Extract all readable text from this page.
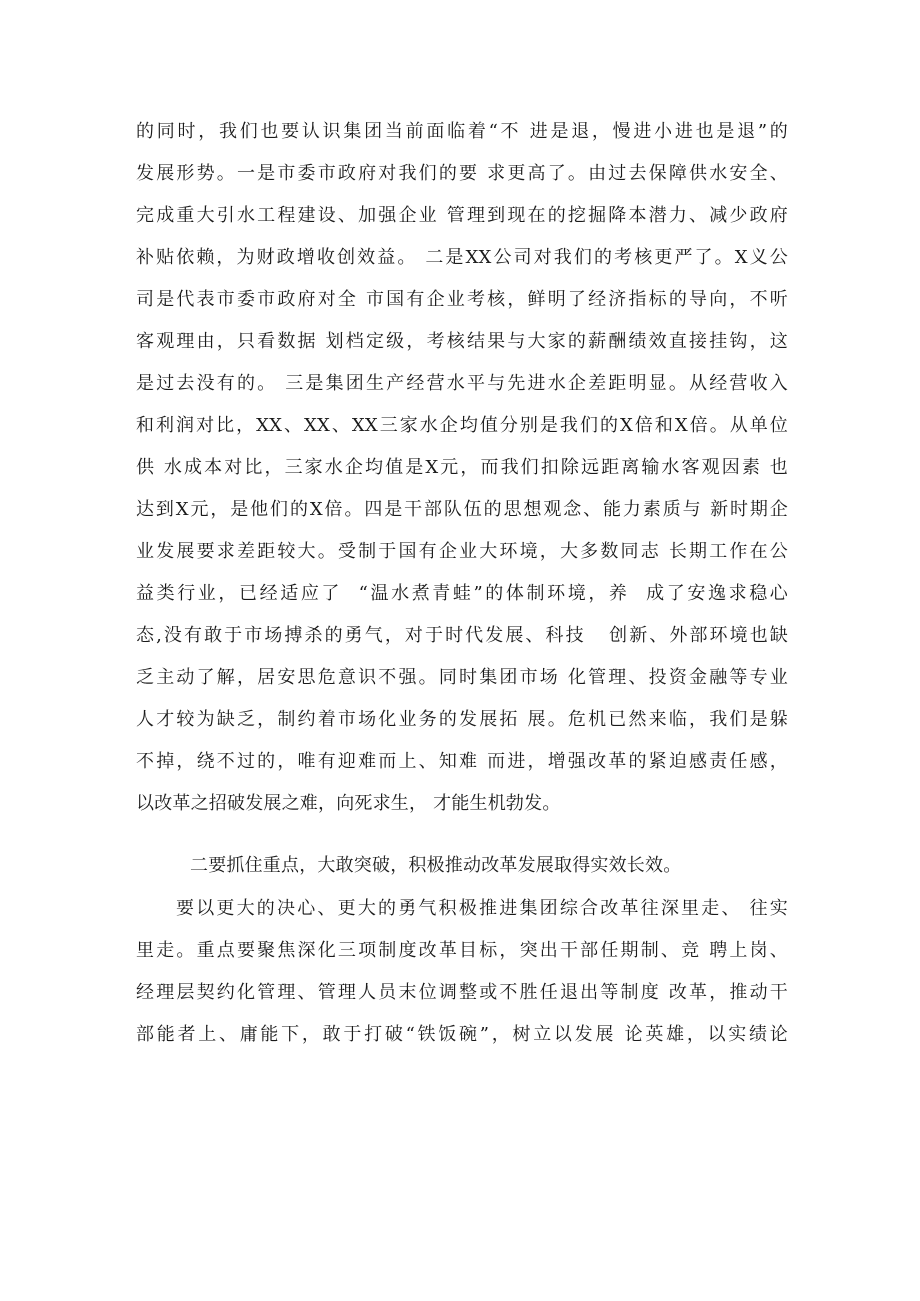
的同时，我们也要认识集团当前面临着“不 进是退，慢进小进也是退”的
发展形势。一是市委市政府对我们的要 求更高了。由过去保障供水安全、
完成重大引水工程建设、加强企业 管理到现在的挖掘降本潜力、减少政府
补贴依赖，为财政增收创效益。 二是XX公司对我们的考核更严了。X义公
司是代表市委市政府对全 市国有企业考核，鲜明了经济指标的导向，不听
客观理由，只看数据 划档定级，考核结果与大家的薪酬绩效直接挂钩，这
是过去没有的。 三是集团生产经营水平与先进水企差距明显。从经营收入
和利润对比，XX、XX、XX三家水企均值分别是我们的X倍和X倍。从单位
供 水成本对比，三家水企均值是X元，而我们扣除远距离输水客观因素 也
达到X元，是他们的X倍。四是干部队伍的思想观念、能力素质与 新时期企
业发展要求差距较大。受制于国有企业大环境，大多数同志 长期工作在公
益类行业，已经适应了  “温水煮青蛙”的体制环境，养  成了安逸求稳心
态,没有敢于市场搏杀的勇气，对于时代发展、科技   创新、外部环境也缺
乏主动了解，居安思危意识不强。同时集团市场 化管理、投资金融等专业
人才较为缺乏，制约着市场化业务的发展拓 展。危机已然来临，我们是躲
不掉，绕不过的，唯有迎难而上、知难 而进，增强改革的紧迫感责任感，
以改革之招破发展之难，向死求生， 才能生机勃发。
二要抓住重点，大敢突破，积极推动改革发展取得实效长效。
要以更大的决心、更大的勇气积极推进集团综合改革往深里走、 往实
里走。重点要聚焦深化三项制度改革目标，突出干部任期制、竞 聘上岗、
经理层契约化管理、管理人员末位调整或不胜任退出等制度 改革，推动干
部能者上、庸能下，敢于打破“铁饭碗”，树立以发展 论英雄，以实绩论
